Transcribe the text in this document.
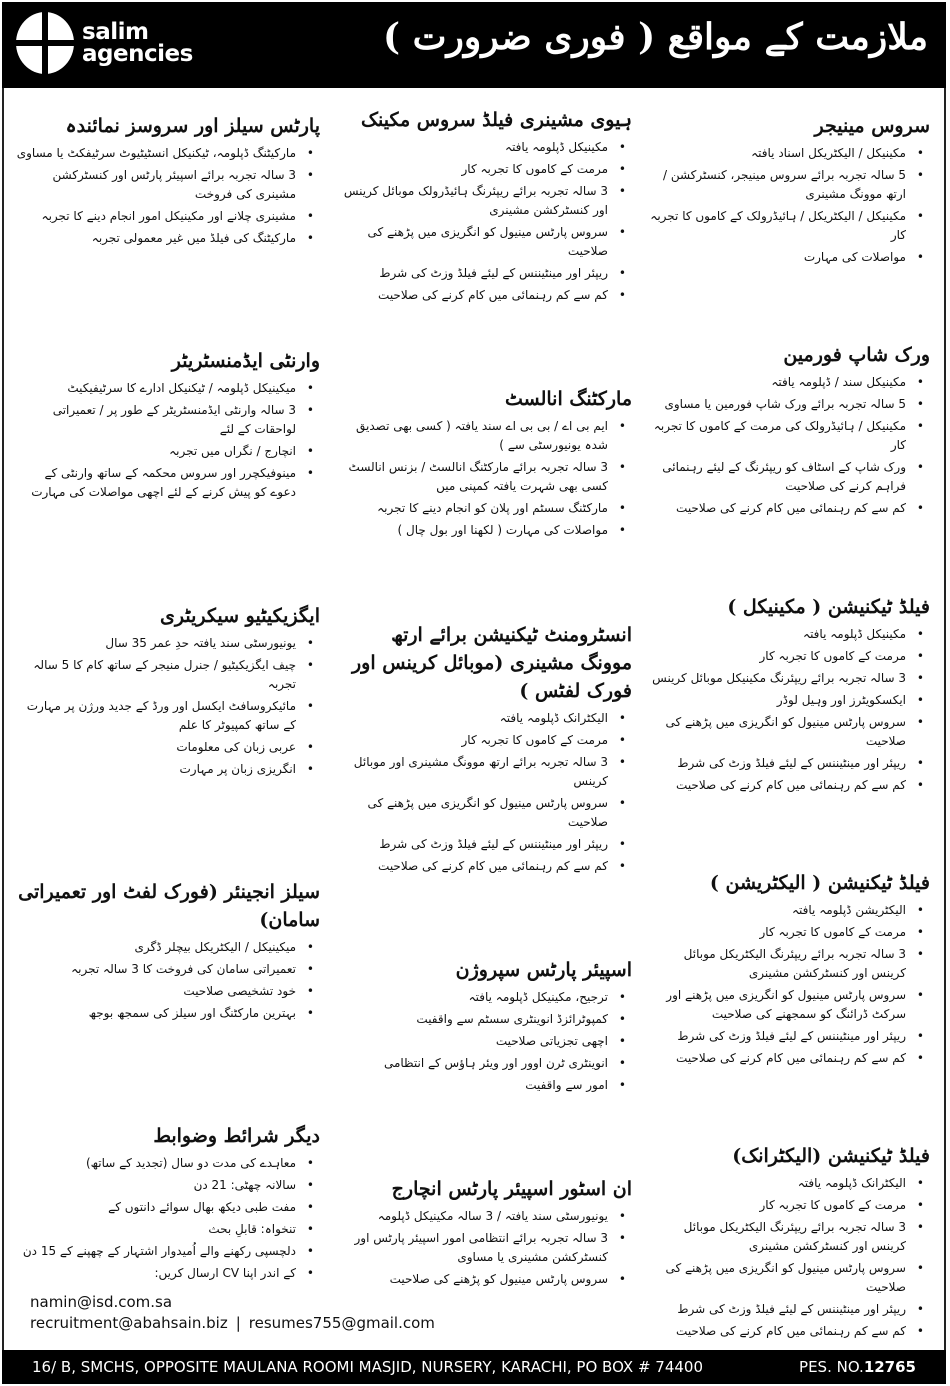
salim
agencies	ملازمت کے مواقع ( فوری ضرورت )
سروس مینیجر
• مکینیکل / الیکٹریکل اسناد یافتہ
• 5 سالہ تجربہ برائے سروس مینیجر، کنسٹرکشن / ارتھ موونگ مشینری
• مکینیکل / الیکٹریکل / ہائیڈرولک کے کاموں کا تجربہ کار
• مواصلات کی مہارت
ورک شاپ فورمین
• مکینیکل سند / ڈپلومہ یافتہ
• 5 سالہ تجربہ برائے ورک شاپ فورمین یا مساوی
• مکینیکل / ہائیڈرولک کی مرمت کے کاموں کا تجربہ کار
• ورک شاپ کے اسٹاف کو ریپئرنگ کے لیئے رہنمائی فراہم کرنے کی صلاحیت
• کم سے کم رہنمائی میں کام کرنے کی صلاحیت
فیلڈ ٹیکنیشن ( مکینیکل )
• مکینیکل ڈپلومہ یافتہ
• مرمت کے کاموں کا تجربہ کار
• 3 سالہ تجربہ برائے ریپئرنگ مکینیکل موبائل کرینس
• ایکسکویٹرز اور وہیل لوڈر
• سروس پارٹس مینیول کو انگریزی میں پڑھنے کی صلاحیت
• ریپئر اور مینٹیننس کے لیئے فیلڈ وزٹ کی شرط
• کم سے کم رہنمائی میں کام کرنے کی صلاحیت
فیلڈ ٹیکنیشن ( الیکٹریشن )
• الیکٹریشن ڈپلومہ یافتہ
• مرمت کے کاموں کا تجربہ کار
• 3 سالہ تجربہ برائے ریپئرنگ الیکٹریکل موبائل کرینس اور کنسٹرکشن مشینری
• سروس پارٹس مینیول کو انگریزی میں پڑھنے اور سرکٹ ڈرائنگ کو سمجھنے کی صلاحیت
• ریپئر اور مینٹیننس کے لیئے فیلڈ وزٹ کی شرط
• کم سے کم رہنمائی میں کام کرنے کی صلاحیت
فیلڈ ٹیکنیشن (الیکٹرانک)
• الیکٹرانک ڈپلومہ یافتہ
• مرمت کے کاموں کا تجربہ کار
• 3 سالہ تجربہ برائے ریپئرنگ الیکٹریکل موبائل کرینس اور کنسٹرکشن مشینری
• سروس پارٹس مینیول کو انگریزی میں پڑھنے کی صلاحیت
• ریپئر اور مینٹیننس کے لیئے فیلڈ وزٹ کی شرط
• کم سے کم رہنمائی میں کام کرنے کی صلاحیت
ہیوی مشینری فیلڈ سروس مکینک
• مکینیکل ڈپلومہ یافتہ
• مرمت کے کاموں کا تجربہ کار
• 3 سالہ تجربہ برائے ریپئرنگ ہائیڈرولک موبائل کرینس اور کنسٹرکشن مشینری
• سروس پارٹس مینیول کو انگریزی میں پڑھنے کی صلاحیت
• ریپئر اور مینٹیننس کے لیئے فیلڈ وزٹ کی شرط
• کم سے کم رہنمائی میں کام کرنے کی صلاحیت
مارکٹنگ انالسٹ
• ایم بی اے / بی بی اے سند یافتہ ( کسی بھی تصدیق شدہ یونیورسٹی سے )
• 3 سالہ تجربہ برائے مارکٹنگ انالسٹ / بزنس انالسٹ کسی بھی شہرت یافتہ کمپنی میں
• مارکٹنگ سسٹم اور پلان کو انجام دینے کا تجربہ
• مواصلات کی مہارت ( لکھنا اور بول چال )
انسٹرومنٹ ٹیکنیشن برائے ارتھ موونگ مشینری (موبائل کرینس اور فورک لفٹس )
• الیکٹرانک ڈپلومہ یافتہ
• مرمت کے کاموں کا تجربہ کار
• 3 سالہ تجربہ برائے ارتھ موونگ مشینری اور موبائل کرینس
• سروس پارٹس مینیول کو انگریزی میں پڑھنے کی صلاحیت
• ریپئر اور مینٹیننس کے لیئے فیلڈ وزٹ کی شرط
• کم سے کم رہنمائی میں کام کرنے کی صلاحیت
اسپیئر پارٹس سپروژن
• ترجیح، مکینیکل ڈپلومہ یافتہ
• کمپوٹرائزڈ انوینٹری سسٹم سے واقفیت
• اچھی تجزیاتی صلاحیت
• انوینٹری ٹرن اوور اور ویئر ہاؤس کے انتظامی
• امور سے واقفیت
ان اسٹور اسپیئر پارٹس انچارج
• یونیورسٹی سند یافتہ / 3 سالہ مکینیکل ڈپلومہ
• 3 سالہ تجربہ برائے انتظامی امور اسپیئر پارٹس اور کنسٹرکشن مشینری یا مساوی
• سروس پارٹس مینیول کو پڑھنے کی صلاحیت
پارٹس سیلز اور سروسز نمائندہ
• مارکیٹنگ ڈپلومہ، ٹیکنیکل انسٹیٹیوٹ سرٹیفکٹ یا مساوی
• 3 سالہ تجربہ برائے اسپیئر پارٹس اور کنسٹرکشن مشینری کی فروخت
• مشینری چلانے اور مکینیکل امور انجام دینے کا تجربہ
• مارکیٹنگ کی فیلڈ میں غیر معمولی تجربہ
وارنٹی ایڈمنسٹریٹر
• میکینیکل ڈپلومہ / ٹیکنیکل ادارے کا سرٹیفیکیٹ
• 3 سالہ وارنٹی ایڈمنسٹریٹر کے طور پر / تعمیراتی لواحقات کے لئے
• انچارج / نگراں میں تجربہ
• مینوفیکچرر اور سروس محکمہ کے ساتھ وارنٹی کے دعوے کو پیش کرنے کے لئے اچھی مواصلات کی مہارت
ایگزیکیٹیو سیکریٹری
• یونیورسٹی سند یافتہ حدِ عمر 35 سال
• چیف ایگزیکیٹیو / جنرل منیجر کے ساتھ کام کا 5 سالہ تجربہ
• مائیکروسافٹ ایکسل اور ورڈ کے جدید ورژن پر مہارت کے ساتھ کمپیوٹر کا علم
• عربی زبان کی معلومات
• انگریزی زبان پر مہارت
سیلز انجینئر (فورک لفٹ اور تعمیراتی سامان)
• میکینیکل / الیکٹریکل بیچلر ڈگری
• تعمیراتی سامان کی فروخت کا 3 سالہ تجربہ
• خود تشخیصی صلاحیت
• بہترین مارکٹنگ اور سیلز کی سمجھ بوجھ
دیگر شرائط وضوابط
• معاہدے کی مدت دو سال (تجدید کے ساتھ)
• سالانہ چھٹی: 21 دن
• مفت طبی دیکھ بھال سوائے دانتوں کے
• تنخواہ: قابلِ بحث
• دلچسپی رکھنے والے اُمیدوار اشتہار کے چھپنے کے 15 دن
• کے اندر اپنا CV ارسال کریں:
namin@isd.com.sa
recruitment@abahsain.biz | resumes755@gmail.com
16/ B, SMCHS, OPPOSITE MAULANA ROOMI MASJID, NURSERY, KARACHI, PO BOX # 74400	PES. NO.12765
